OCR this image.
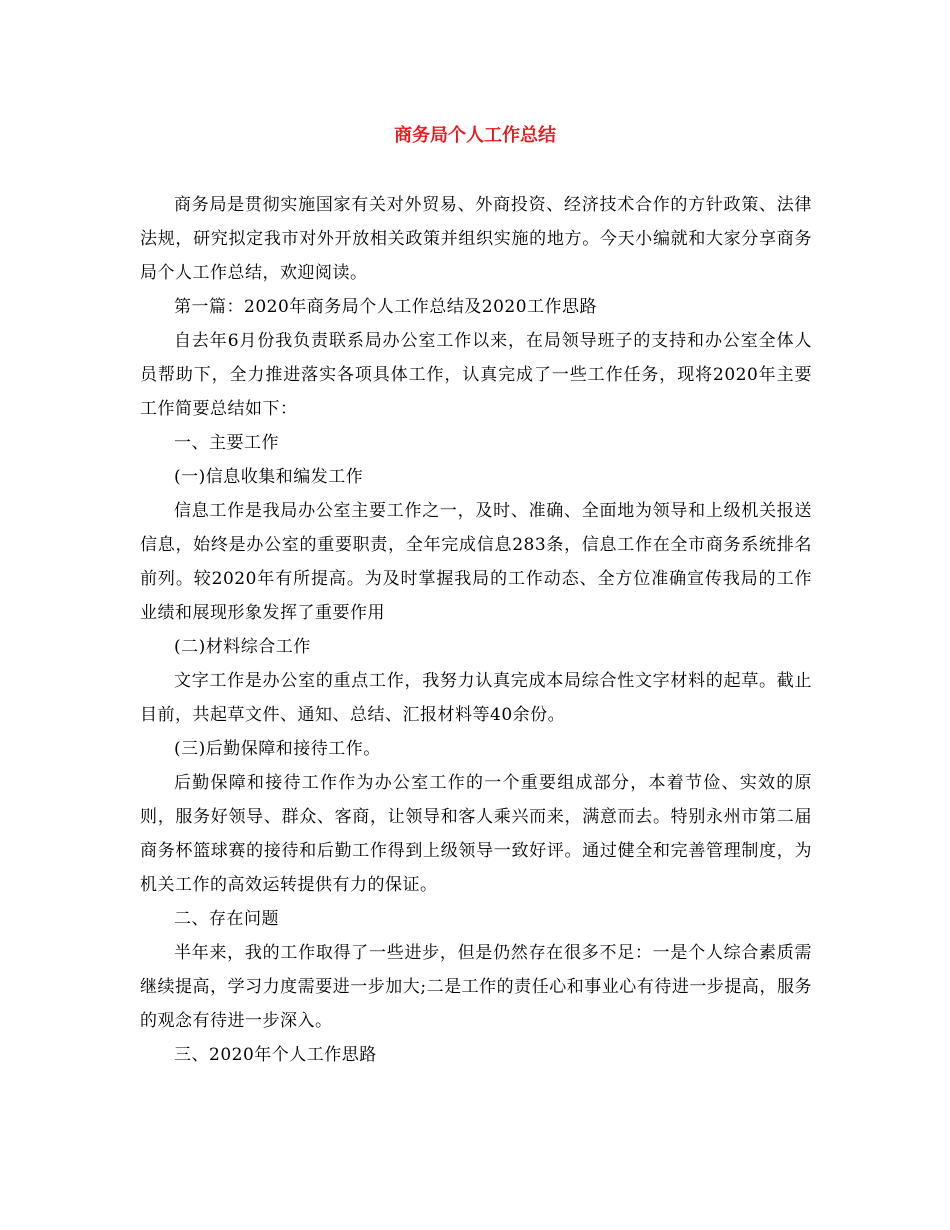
商务局个人工作总结

商务局是贯彻实施国家有关对外贸易、外商投资、经济技术合作的方针政策、法律法规，研究拟定我市对外开放相关政策并组织实施的地方。今天小编就和大家分享商务局个人工作总结，欢迎阅读。

第一篇：2020年商务局个人工作总结及2020工作思路

自去年6月份我负责联系局办公室工作以来，在局领导班子的支持和办公室全体人员帮助下，全力推进落实各项具体工作，认真完成了一些工作任务，现将2020年主要工作简要总结如下：

一、主要工作

(一)信息收集和编发工作

信息工作是我局办公室主要工作之一，及时、准确、全面地为领导和上级机关报送信息，始终是办公室的重要职责，全年完成信息283条，信息工作在全市商务系统排名前列。较2020年有所提高。为及时掌握我局的工作动态、全方位准确宣传我局的工作业绩和展现形象发挥了重要作用

(二)材料综合工作

文字工作是办公室的重点工作，我努力认真完成本局综合性文字材料的起草。截止目前，共起草文件、通知、总结、汇报材料等40余份。

(三)后勤保障和接待工作。

后勤保障和接待工作作为办公室工作的一个重要组成部分，本着节俭、实效的原则，服务好领导、群众、客商，让领导和客人乘兴而来，满意而去。特别永州市第二届商务杯篮球赛的接待和后勤工作得到上级领导一致好评。通过健全和完善管理制度，为机关工作的高效运转提供有力的保证。

二、存在问题

半年来，我的工作取得了一些进步，但是仍然存在很多不足：一是个人综合素质需继续提高，学习力度需要进一步加大;二是工作的责任心和事业心有待进一步提高，服务的观念有待进一步深入。

三、2020年个人工作思路
